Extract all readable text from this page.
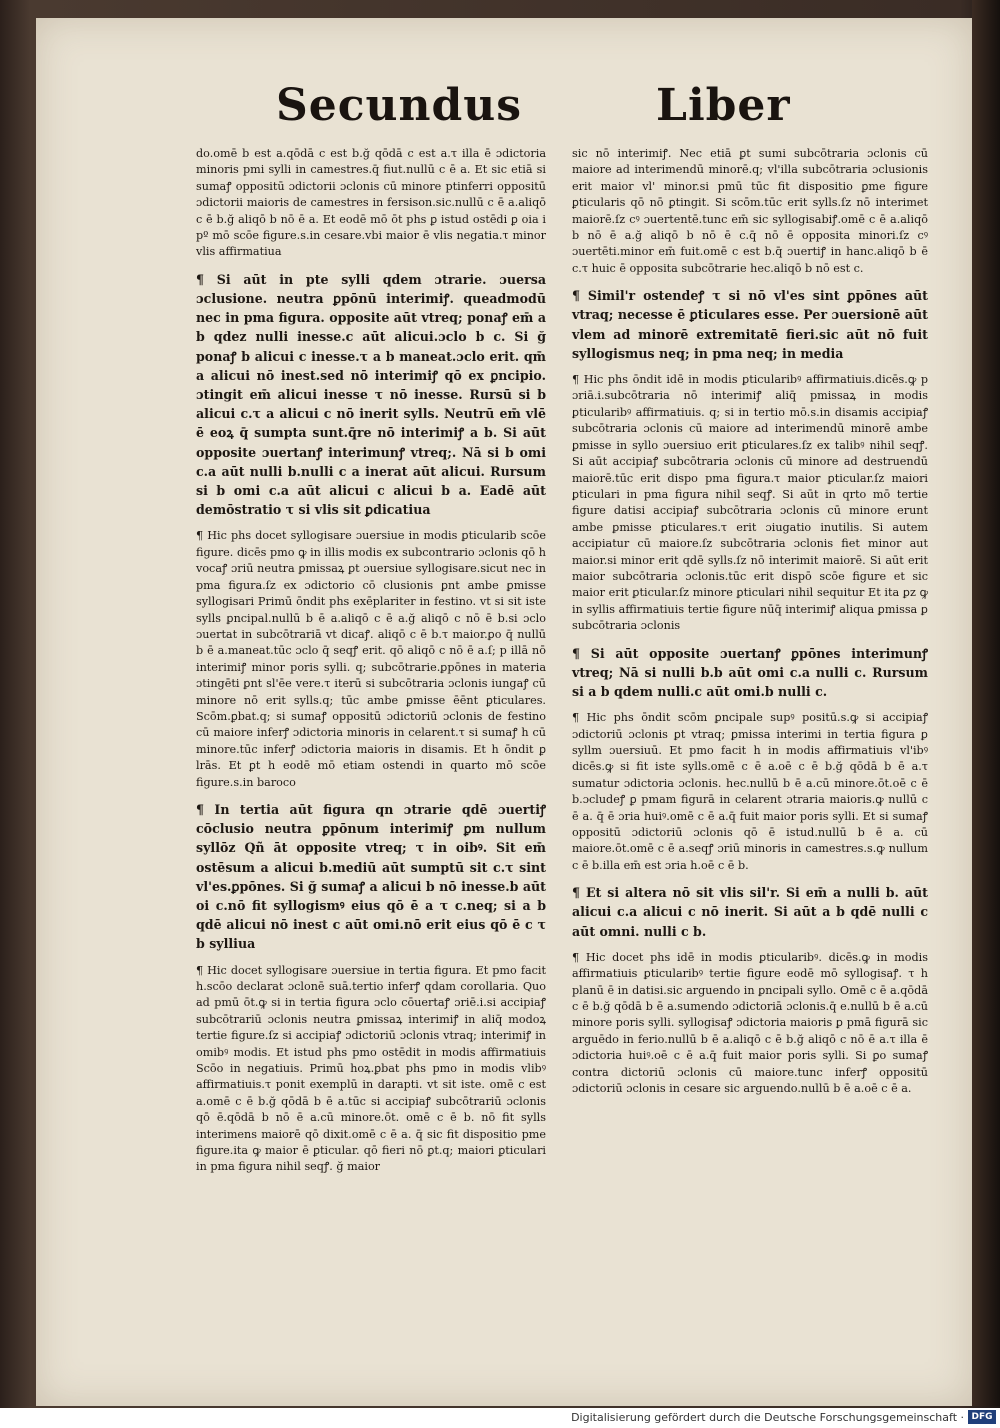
Secundus	Liber

do.omē b est a.qōdā c est b.ğ qōdā c est a.τ illa ē ɔdictoria minoris pmi sylli in camestres.q̄ fiut.nullū c ē a. Et sic etiā si sumaꝭ oppositū ɔdictorii ɔclonis cū minore ptinferri oppositū ɔdictorii maioris de camestres in fersison.sic.nullū c ē a.aliqō c ē b.ğ aliqō b nō ē a. Et eodē mō ōt phs ꝑ istud ostēdi ꝑ oia i pº mō scōe figure.s.in cesare.vbi maior ē vlis negatia.τ minor vlis affirmatiua

¶ Si aūt in pte sylli qdem ɔtrarie. ɔuersa ɔclusione. neutra ꝑpōnū interimiꝭ. queadmodū nec in pma figura. opposite aūt vtreq; ponaꝭ em̄ a b qdez nulli inesse.c aūt alicui.ɔclo b c. Si ğ ponaꝭ b alicui c inesse.τ a b maneat.ɔclo erit. qm̄ a alicui nō inest.sed nō interimiꝭ qō ex ꝑncipio. ɔtingit em̄ alicui inesse τ nō inesse. Rursū si b alicui c.τ a alicui c nō inerit sylls. Neutrū em̄ vlē ē eoꝝ q̄ sumpta sunt.q̄re nō interimiꝭ a b. Si aūt opposite ɔuertanꝭ interimunꝭ vtreq;. Nā si b omi c.a aūt nulli b.nulli c a inerat aūt alicui. Rursum si b omi c.a aūt alicui c alicui b a. Eadē aūt demōstratio τ si vlis sit ꝑdicatiua

¶ Hic phs docet syllogisare ɔuersiue in modis ꝑticularib scōe figure. dicēs pmo ꝙ in illis modis ex subcontrario ɔclonis qō h vocaꝭ ɔriū neutra ꝑmissaꝝ ꝑt ɔuersiue syllogisare.sicut nec in pma figura.ſz ex ɔdictorio cō clusionis ꝑnt ambe ꝑmisse syllogisari Primū ōndit phs exēplariter in festino. vt si sit iste sylls ꝑncipal.nullū b ē a.aliqō c ē a.ğ aliqō c nō ē b.si ɔclo ɔuertat in subcōtrariā vt dicaꝭ. aliqō c ē b.τ maior.ꝑo q̄ nullū b ē a.maneat.tūc ɔclo q̄ seqꝭ erit. qō aliqō c nō ē a.ſ; p illā nō interimiꝭ minor poris sylli. q; subcōtrarie.ꝑpōnes in materia ɔtingēti ꝑnt sl'ēe vere.τ iterū si subcōtraria ɔclonis iungaꝭ cū minore nō erit sylls.q; tūc ambe ꝑmisse ēēnt ꝑticulares. Scōm.ꝑbat.q; si sumaꝭ oppositū ɔdictoriū ɔclonis de festino cū maiore inferꝭ ɔdictoria minoris in celarent.τ si sumaꝭ h cū minore.tūc inferꝭ ɔdictoria maioris in disamis. Et h ōndit ꝑ lrās. Et ꝑt h eodē mō etiam ostendi in quarto mō scōe figure.s.in baroco

¶ In tertia aūt figura qn ɔtrarie qdē ɔuertiꝭ cōclusio neutra ꝑpōnum interimiꝭ ꝑm nullum syllōz Qñ āt opposite vtreq; τ in oibꝰ. Sit em̄ ostēsum a alicui b.mediū aūt sumptū sit c.τ sint vl'es.ꝑpōnes. Si ğ sumaꝭ a alicui b nō inesse.b aūt oi c.nō fit syllogismꝰ eius qō ē a τ c.neq; si a b qdē alicui nō inest c aūt omi.nō erit eius qō ē c τ b sylliua

¶ Hic docet syllogisare ɔuersiue in tertia figura. Et pmo facit h.scōo declarat ɔclonē suā.tertio inferꝭ qdam corollaria. Quo ad pmū ōt.ꝙ si in tertia figura ɔclo cōuertaꝭ ɔriē.i.si accipiaꝭ subcōtrariū ɔclonis neutra ꝑmissaꝝ interimiꝭ in aliq̄ modoꝝ tertie figure.ſz si accipiaꝭ ɔdictoriū ɔclonis vtraq; interimiꝭ in omibꝰ modis. Et istud phs pmo ostēdit in modis affirmatiuis Scōo in negatiuis. Primū hoꝝ.ꝑbat phs pmo in modis vlibꝰ affirmatiuis.τ ponit exemplū in darapti. vt sit iste. omē c est a.omē c ē b.ğ qōdā b ē a.tūc si accipiaꝭ subcōtrariū ɔclonis qō ē.qōdā b nō ē a.cū minore.ōt. omē c ē b. nō fit sylls interimens maiorē qō dixit.omē c ē a. q̄ sic fit dispositio pme figure.ita ꝙ maior ē ꝑticular. qō fieri nō ꝑt.q; maiori ꝑticulari in pma figura nihil seqꝭ. ğ maior

sic nō interimiꝭ. Nec etiā ꝑt sumi subcōtraria ɔclonis cū maiore ad interimendū minorē.q; vl'illa subcōtraria ɔclusionis erit maior vl' minor.si pmū tūc fit dispositio ꝑme figure ꝑticularis qō nō ꝑtingit. Si scōm.tūc erit sylls.ſz nō interimet maiorē.ſz cꝰ ɔuertentē.tunc em̄ sic syllogisabiꝭ.omē c ē a.aliqō b nō ē a.ğ aliqō b nō ē c.q̄ nō ē opposita minori.ſz cꝰ ɔuertēti.minor em̄ fuit.omē c est b.q̄ ɔuertiꝭ in hanc.aliqō b ē c.τ huic ē opposita subcōtrarie hec.aliqō b nō est c.

¶ Simil'r ostendeꝭ τ si nō vl'es sint ꝑpōnes aūt vtraq; necesse ē ꝑticulares esse. Per ɔuersionē aūt vlem ad minorē extremitatē fieri.sic aūt nō fuit syllogismus neq; in pma neq; in media

¶ Hic phs ōndit idē in modis ꝑticularibꝰ affirmatiuis.dicēs.ꝙ p ɔriā.i.subcōtraria nō interimiꝭ aliq̄ pmissaꝝ in modis ꝑticularibꝰ affirmatiuis. q; si in tertio mō.s.in disamis accipiaꝭ subcōtraria ɔclonis cū maiore ad interimendū minorē ambe ꝑmisse in syllo ɔuersiuo erit ꝑticulares.ſz ex talibꝰ nihil seqꝭ. Si aūt accipiaꝭ subcōtraria ɔclonis cū minore ad destruendū maiorē.tūc erit dispo pma figura.τ maior ꝑticular.ſz maiori ꝑticulari in pma figura nihil seqꝭ. Si aūt in qrto mō tertie figure datisi accipiaꝭ subcōtraria ɔclonis cū minore erunt ambe ꝑmisse ꝑticulares.τ erit ɔiugatio inutilis. Si autem accipiatur cū maiore.ſz subcōtraria ɔclonis fiet minor aut maior.si minor erit qdē sylls.ſz nō interimit maiorē. Si aūt erit maior subcōtraria ɔclonis.tūc erit dispō scōe figure et sic maior erit ꝑticular.ſz minore ꝑticulari nihil sequitur Et ita ꝑz ꝙ in syllis affirmatiuis tertie figure nūq̄ interimiꝭ aliqua ꝑmissa ꝑ subcōtraria ɔclonis

¶ Si aūt opposite ɔuertanꝭ ꝑpōnes interimunꝭ vtreq; Nā si nulli b.b aūt omi c.a nulli c. Rursum si a b qdem nulli.c aūt omi.b nulli c.

¶ Hic phs ōndit scōm ꝑncipale supꝰ positū.s.ꝙ si accipiaꝭ ɔdictoriū ɔclonis ꝑt vtraq; ꝑmissa interimi in tertia figura ꝑ syllm ɔuersiuū. Et pmo facit h in modis affirmatiuis vl'ibꝰ dicēs.ꝙ si fit iste sylls.omē c ē a.oē c ē b.ğ qōdā b ē a.τ sumatur ɔdictoria ɔclonis. hec.nullū b ē a.cū minore.ōt.oē c ē b.ɔcludeꝭ ꝑ pmam figurā in celarent ɔtraria maioris.ꝙ nullū c ē a. q̄ ē ɔria huiꝰ.omē c ē a.q̄ fuit maior poris sylli. Et si sumaꝭ oppositū ɔdictoriū ɔclonis qō ē istud.nullū b ē a. cū maiore.ōt.omē c ē a.seqꝭ ɔriū minoris in camestres.s.ꝙ nullum c ē b.illa em̄ est ɔria h.oē c ē b.

¶ Et si altera nō sit vlis sil'r. Si em̄ a nulli b. aūt alicui c.a alicui c nō inerit. Si aūt a b qdē nulli c aūt omni. nulli c b.

¶ Hic docet phs idē in modis ꝑticularibꝰ. dicēs.ꝙ in modis affirmatiuis ꝑticularibꝰ tertie figure eodē mō syllogisaꝭ. τ h planū ē in datisi.sic arguendo in ꝑncipali syllo. Omē c ē a.qōdā c ē b.ğ qōdā b ē a.sumendo ɔdictoriā ɔclonis.q̄ e.nullū b ē a.cū minore poris sylli. syllogisaꝭ ɔdictoria maioris ꝑ pmā figurā sic arguēdo in ferio.nullū b ē a.aliqō c ē b.ğ aliqō c nō ē a.τ illa ē ɔdictoria huiꝰ.oē c ē a.q̄ fuit maior poris sylli. Si ꝑo sumaꝭ contra dictoriū ɔclonis cū maiore.tunc inferꝭ oppositū ɔdictoriū ɔclonis in cesare sic arguendo.nullū b ē a.oē c ē a.

Digitalisierung gefördert durch die Deutsche Forschungsgemeinschaft · DFG
